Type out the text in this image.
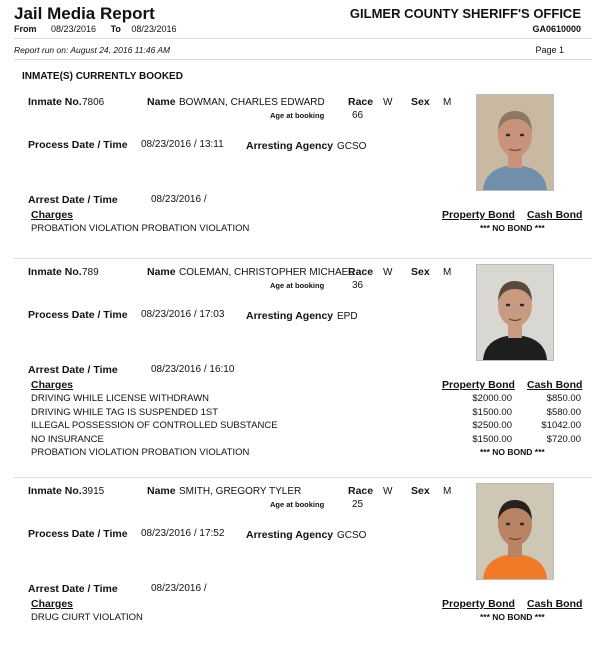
Jail Media Report
From 08/23/2016 To 08/23/2016
GILMER COUNTY SHERIFF'S OFFICE
GA0610000
Report run on: August 24, 2016 11:46 AM	Page 1
INMATE(S) CURRENTLY BOOKED
Inmate No. 7806	Name BOWMAN, CHARLES EDWARD Race W Sex M
Age at booking	66
Process Date / Time 08/23/2016 / 13:11 Arresting Agency GCSO
Arrest Date / Time	08/23/2016 /
Charges	Property Bond Cash Bond
PROBATION VIOLATION PROBATION VIOLATION	*** NO BOND ***
Inmate No. 789	Name COLEMAN, CHRISTOPHER MICHAEL
Race W Sex M
Age at booking	36
Process Date / Time 08/23/2016 / 17:03 Arresting Agency EPD
Arrest Date / Time	08/23/2016 / 16:10
Charges	Property Bond Cash Bond
DRIVING WHILE LICENSE WITHDRAWN	$2000.00	$850.00
DRIVING WHILE TAG IS SUSPENDED 1ST	$1500.00	$580.00
ILLEGAL POSSESSION OF CONTROLLED SUBSTANCE	$2500.00	$1042.00
NO INSURANCE	$1500.00	$720.00
PROBATION VIOLATION PROBATION VIOLATION	*** NO BOND ***
Inmate No. 3915	Name SMITH, GREGORY TYLER	Race W Sex M
Age at booking	25
Process Date / Time 08/23/2016 / 17:52 Arresting Agency GCSO
Arrest Date / Time	08/23/2016 /
Charges	Property Bond Cash Bond
DRUG CIURT VIOLATION	*** NO BOND ***
